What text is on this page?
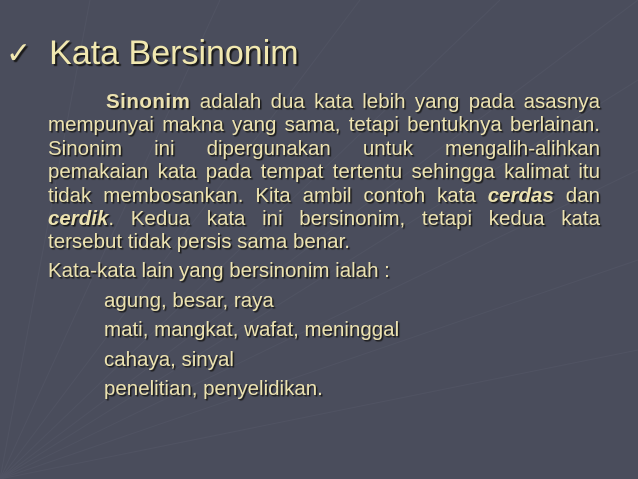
✓ Kata Bersinonim

Sinonim adalah dua kata lebih yang pada asasnya mempunyai makna yang sama, tetapi bentuknya berlainan. Sinonim ini dipergunakan untuk mengalih-alihkan pemakaian kata pada tempat tertentu sehingga kalimat itu tidak membosankan. Kita ambil contoh kata cerdas dan cerdik. Kedua kata ini bersinonim, tetapi kedua kata tersebut tidak persis sama benar.

Kata-kata lain yang bersinonim ialah :

agung, besar, raya
mati, mangkat, wafat, meninggal
cahaya, sinyal
penelitian, penyelidikan.
